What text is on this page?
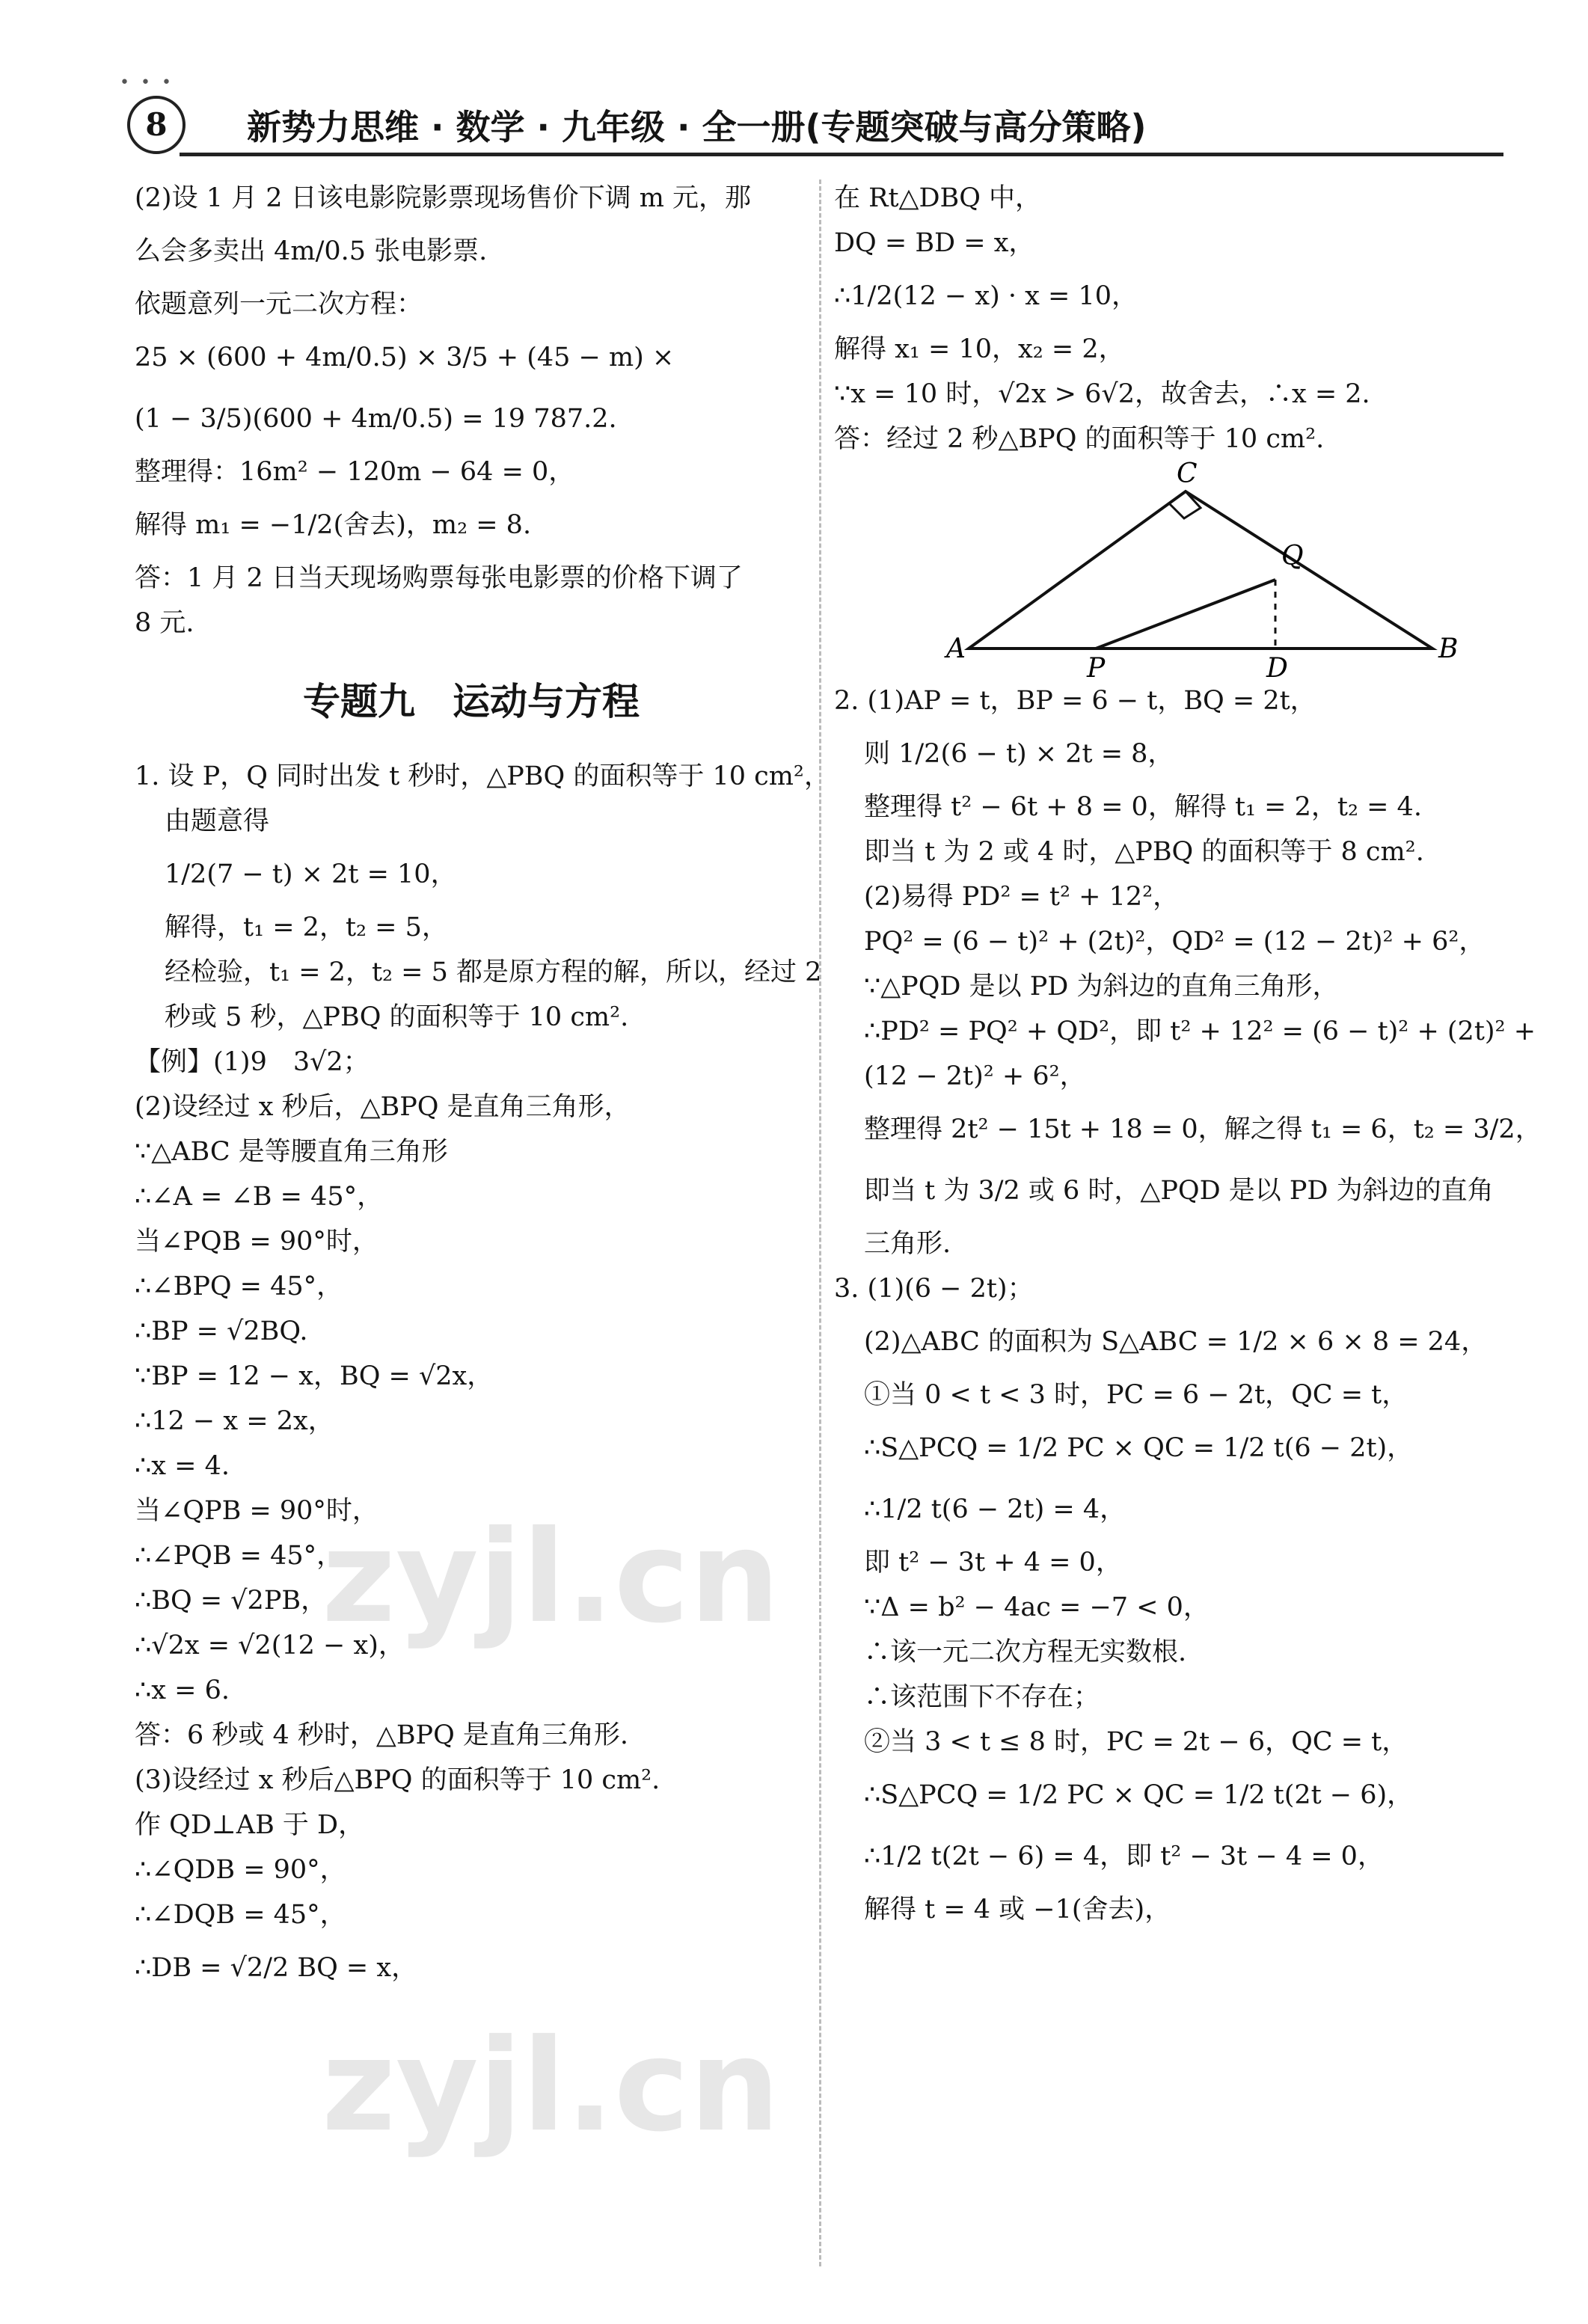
• • •
8	新势力思维 · 数学 · 九年级 · 全一册(专题突破与高分策略)

(2)设 1 月 2 日该电影院影票现场售价下调 m 元，那

么会多卖出 4m/0.5 张电影票.

依题意列一元二次方程：

25 × (600 + 4m/0.5) × 3/5 + (45 − m) ×

(1 − 3/5)(600 + 4m/0.5) = 19 787.2.

整理得：16m² − 120m − 64 = 0，

解得 m₁ = −1/2(舍去)，m₂ = 8.

答：1 月 2 日当天现场购票每张电影票的价格下调了

8 元.

专题九　运动与方程

1. 设 P，Q 同时出发 t 秒时，△PBQ 的面积等于 10 cm²，

由题意得

1/2(7 − t) × 2t = 10，

解得，t₁ = 2，t₂ = 5，

经检验，t₁ = 2，t₂ = 5 都是原方程的解，所以，经过 2

秒或 5 秒，△PBQ 的面积等于 10 cm².

【例】(1)9　3√2；

(2)设经过 x 秒后，△BPQ 是直角三角形，

∵△ABC 是等腰直角三角形

∴∠A = ∠B = 45°，

当∠PQB = 90°时，

∴∠BPQ = 45°，

∴BP = √2BQ.

∵BP = 12 − x，BQ = √2x，

∴12 − x = 2x，

∴x = 4.

当∠QPB = 90°时，

∴∠PQB = 45°，

∴BQ = √2PB，

∴√2x = √2(12 − x)，

∴x = 6.

答：6 秒或 4 秒时，△BPQ 是直角三角形.

(3)设经过 x 秒后△BPQ 的面积等于 10 cm².

作 QD⊥AB 于 D，

∴∠QDB = 90°，

∴∠DQB = 45°，

∴DB = √2/2 BQ = x，

在 Rt△DBQ 中，

DQ = BD = x，

∴1/2(12 − x) · x = 10，

解得 x₁ = 10，x₂ = 2，

∵x = 10 时，√2x > 6√2，故舍去，∴x = 2.

答：经过 2 秒△BPQ 的面积等于 10 cm².

C
Q
A
P	D
B

2. (1)AP = t，BP = 6 − t，BQ = 2t，

则 1/2(6 − t) × 2t = 8，

整理得 t² − 6t + 8 = 0，解得 t₁ = 2，t₂ = 4.

即当 t 为 2 或 4 时，△PBQ 的面积等于 8 cm².

(2)易得 PD² = t² + 12²，

PQ² = (6 − t)² + (2t)²，QD² = (12 − 2t)² + 6²，

∵△PQD 是以 PD 为斜边的直角三角形，

∴PD² = PQ² + QD²，即 t² + 12² = (6 − t)² + (2t)² +

(12 − 2t)² + 6²，

整理得 2t² − 15t + 18 = 0，解之得 t₁ = 6，t₂ = 3/2，

即当 t 为 3/2 或 6 时，△PQD 是以 PD 为斜边的直角

三角形.

3. (1)(6 − 2t)；

(2)△ABC 的面积为 S△ABC = 1/2 × 6 × 8 = 24，

①当 0 < t < 3 时，PC = 6 − 2t，QC = t，

∴S△PCQ = 1/2 PC × QC = 1/2 t(6 − 2t)，

∴1/2 t(6 − 2t) = 4，

即 t² − 3t + 4 = 0，

∵Δ = b² − 4ac = −7 < 0，

∴该一元二次方程无实数根.

∴该范围下不存在；

②当 3 < t ≤ 8 时，PC = 2t − 6，QC = t，

∴S△PCQ = 1/2 PC × QC = 1/2 t(2t − 6)，

∴1/2 t(2t − 6) = 4，即 t² − 3t − 4 = 0，

解得 t = 4 或 −1(舍去)，

zyjl.cn
zyjl.cn
